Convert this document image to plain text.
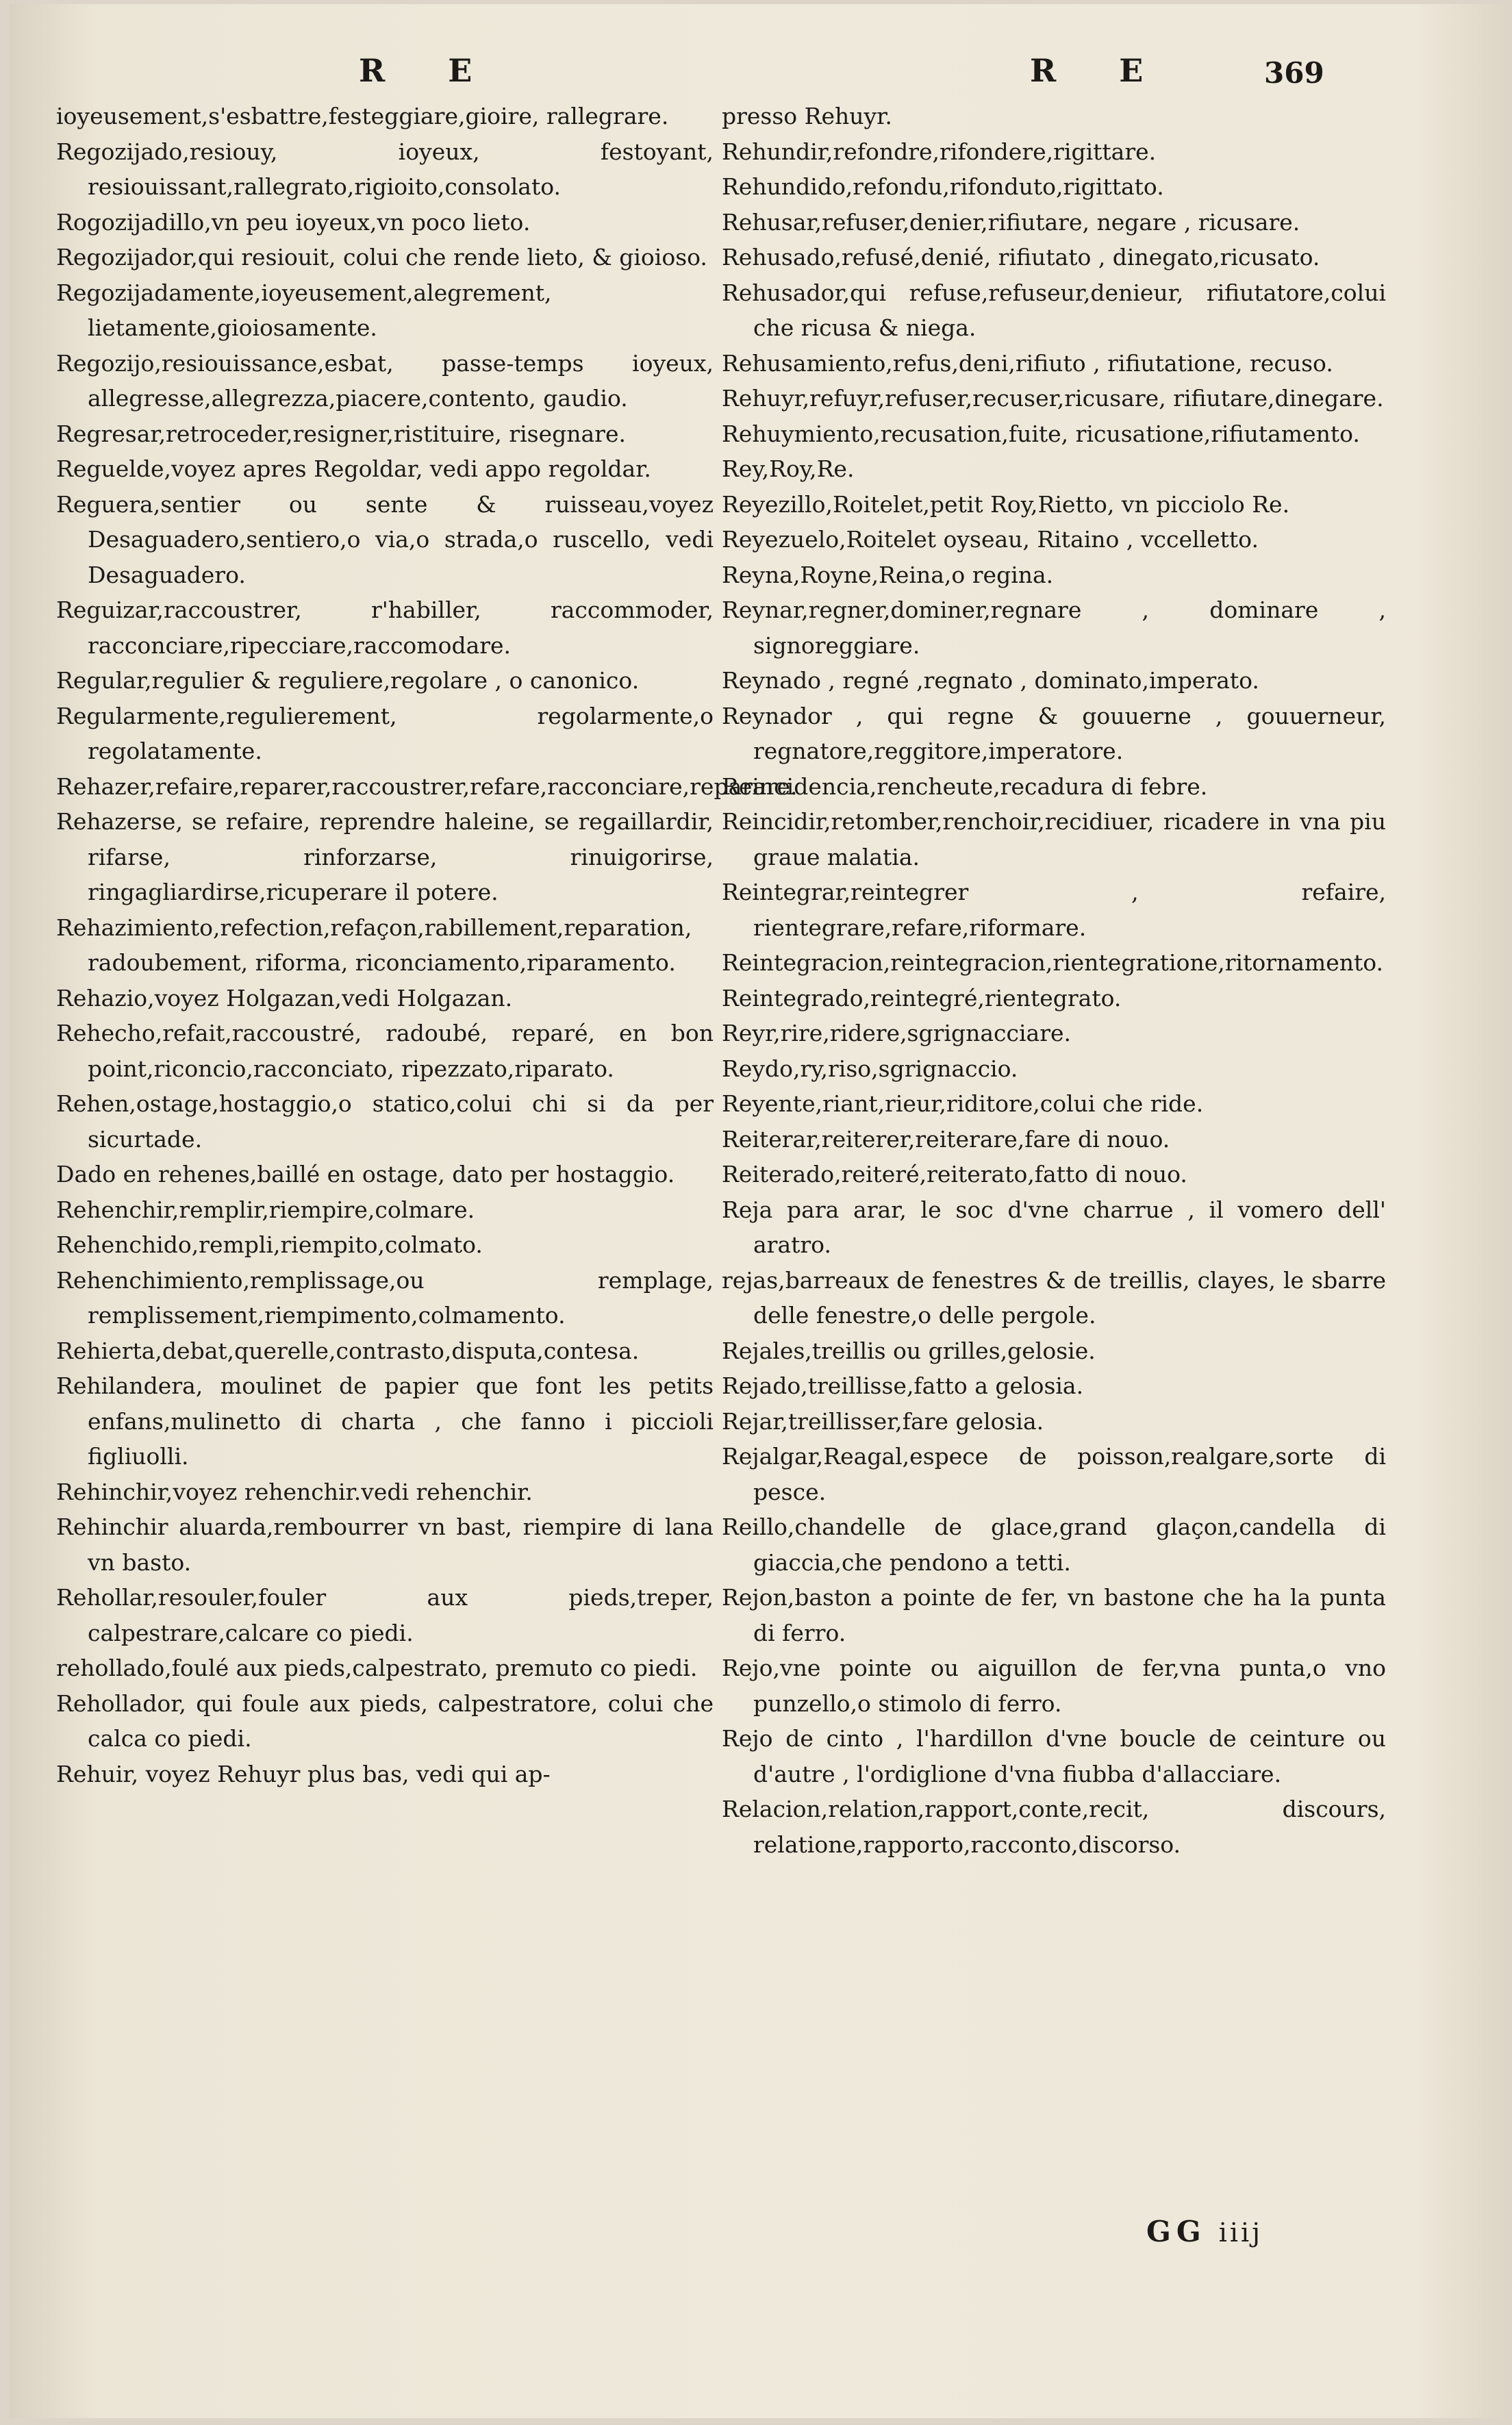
R E	R E	369

ioyeusement,s'esbattre,festeggiare,gioire, rallegrare.

Regozijado,resiouy, ioyeux, festoyant, resiouissant,rallegrato,rigioito,consolato.

Rogozijadillo,vn peu ioyeux,vn poco lieto.

Regozijador,qui resiouit, colui che rende lieto, & gioioso.

Regozijadamente,ioyeusement,alegrement, lietamente,gioiosamente.

Regozijo,resiouissance,esbat, passe-temps ioyeux, allegresse,allegrezza,piacere,contento, gaudio.

Regresar,retroceder,resigner,ristituire, risegnare.

Reguelde,voyez apres Regoldar, vedi appo regoldar.

Reguera,sentier ou sente & ruisseau,voyez Desaguadero,sentiero,o via,o strada,o ruscello, vedi Desaguadero.

Reguizar,raccoustrer, r'habiller, raccommoder, racconciare,ripecciare,raccomodare.

Regular,regulier & reguliere,regolare , o canonico.

Regularmente,regulierement, regolarmente,o regolatamente.

Rehazer,refaire,reparer,raccoustrer,refare,racconciare,reparare.

Rehazerse, se refaire, reprendre haleine, se regaillardir, rifarse, rinforzarse, rinuigorirse, ringagliardirse,ricuperare il potere.

Rehazimiento,refection,refaçon,rabillement,reparation, radoubement, riforma, riconciamento,riparamento.

Rehazio,voyez Holgazan,vedi Holgazan.

Rehecho,refait,raccoustré, radoubé, reparé, en bon point,riconcio,racconciato, ripezzato,riparato.

Rehen,ostage,hostaggio,o statico,colui chi si da per sicurtade.

Dado en rehenes,baillé en ostage, dato per hostaggio.

Rehenchir,remplir,riempire,colmare.

Rehenchido,rempli,riempito,colmato.

Rehenchimiento,remplissage,ou remplage, remplissement,riempimento,colmamento.

Rehierta,debat,querelle,contrasto,disputa,contesa.

Rehilandera, moulinet de papier que font les petits enfans,mulinetto di charta , che fanno i piccioli figliuolli.

Rehinchir,voyez rehenchir.vedi rehenchir.

Rehinchir aluarda,rembourrer vn bast, riempire di lana vn basto.

Rehollar,resouler,fouler aux pieds,treper, calpestrare,calcare co piedi.

rehollado,foulé aux pieds,calpestrato, premuto co piedi.

Rehollador, qui foule aux pieds, calpestratore, colui che calca co piedi.

Rehuir, voyez Rehuyr plus bas, vedi qui ap-

presso Rehuyr.

Rehundir,refondre,rifondere,rigittare.

Rehundido,refondu,rifonduto,rigittato.

Rehusar,refuser,denier,rifiutare, negare , ricusare.

Rehusado,refusé,denié, rifiutato , dinegato,ricusato.

Rehusador,qui refuse,refuseur,denieur, rifiutatore,colui che ricusa & niega.

Rehusamiento,refus,deni,rifiuto , rifiutatione, recuso.

Rehuyr,refuyr,refuser,recuser,ricusare, rifiutare,dinegare.

Rehuymiento,recusation,fuite, ricusatione,rifiutamento.

Rey,Roy,Re.

Reyezillo,Roitelet,petit Roy,Rietto, vn picciolo Re.

Reyezuelo,Roitelet oyseau, Ritaino , vccelletto.

Reyna,Royne,Reina,o regina.

Reynar,regner,dominer,regnare , dominare , signoreggiare.

Reynado , regné ,regnato , dominato,imperato.

Reynador , qui regne & gouuerne , gouuerneur, regnatore,reggitore,imperatore.

Reincidencia,rencheute,recadura di febre.

Reincidir,retomber,renchoir,recidiuer, ricadere in vna piu graue malatia.

Reintegrar,reintegrer , refaire, rientegrare,refare,riformare.

Reintegracion,reintegracion,rientegratione,ritornamento.

Reintegrado,reintegré,rientegrato.

Reyr,rire,ridere,sgrignacciare.

Reydo,ry,riso,sgrignaccio.

Reyente,riant,rieur,riditore,colui che ride.

Reiterar,reiterer,reiterare,fare di nouo.

Reiterado,reiteré,reiterato,fatto di nouo.

Reja para arar, le soc d'vne charrue , il vomero dell' aratro.

rejas,barreaux de fenestres & de treillis, clayes, le sbarre delle fenestre,o delle pergole.

Rejales,treillis ou grilles,gelosie.

Rejado,treillisse,fatto a gelosia.

Rejar,treillisser,fare gelosia.

Rejalgar,Reagal,espece de poisson,realgare,sorte di pesce.

Reillo,chandelle de glace,grand glaçon,candella di giaccia,che pendono a tetti.

Rejon,baston a pointe de fer, vn bastone che ha la punta di ferro.

Rejo,vne pointe ou aiguillon de fer,vna punta,o vno punzello,o stimolo di ferro.

Rejo de cinto , l'hardillon d'vne boucle de ceinture ou d'autre , l'ordiglione d'vna fiubba d'allacciare.

Relacion,relation,rapport,conte,recit, discours, relatione,rapporto,racconto,discorso.

GG iiij
